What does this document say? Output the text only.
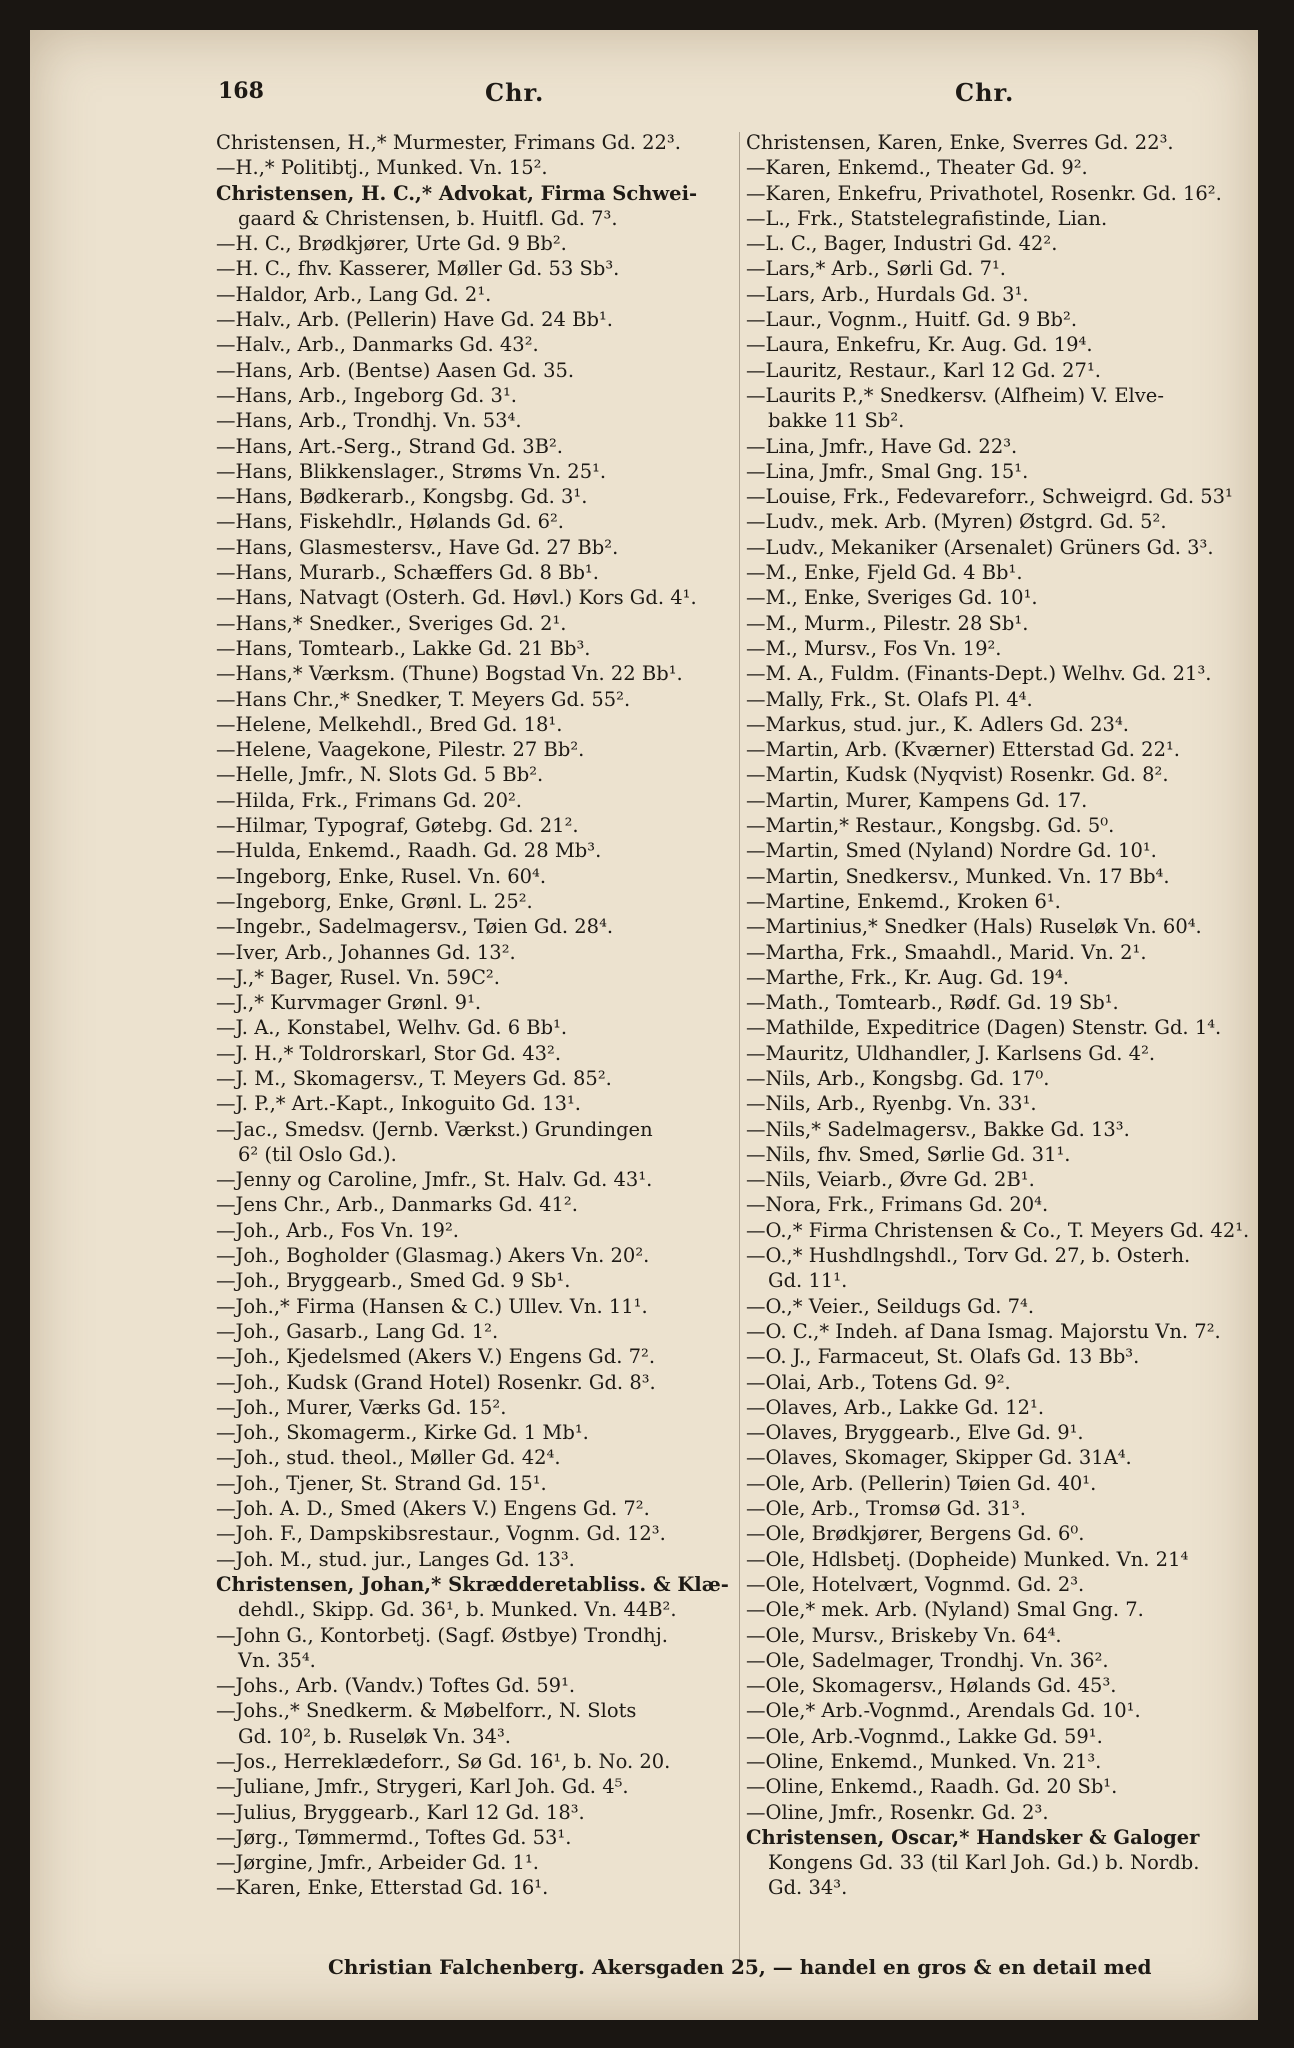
168	Chr.	Chr.
Christensen, H.,* Murmester, Frimans Gd. 22³.
—H.,* Politibtj., Munked. Vn. 15².
Christensen, H. C.,* Advokat, Firma Schwei-
gaard & Christensen, b. Huitfl. Gd. 7³.
—H. C., Brødkjører, Urte Gd. 9 Bb².
—H. C., fhv. Kasserer, Møller Gd. 53 Sb³.
—Haldor, Arb., Lang Gd. 2¹.
—Halv., Arb. (Pellerin) Have Gd. 24 Bb¹.
—Halv., Arb., Danmarks Gd. 43².
—Hans, Arb. (Bentse) Aasen Gd. 35.
—Hans, Arb., Ingeborg Gd. 3¹.
—Hans, Arb., Trondhj. Vn. 53⁴.
—Hans, Art.-Serg., Strand Gd. 3B².
—Hans, Blikkenslager., Strøms Vn. 25¹.
—Hans, Bødkerarb., Kongsbg. Gd. 3¹.
—Hans, Fiskehdlr., Hølands Gd. 6².
—Hans, Glasmestersv., Have Gd. 27 Bb².
—Hans, Murarb., Schæffers Gd. 8 Bb¹.
—Hans, Natvagt (Osterh. Gd. Høvl.) Kors Gd. 4¹.
—Hans,* Snedker., Sveriges Gd. 2¹.
—Hans, Tomtearb., Lakke Gd. 21 Bb³.
—Hans,* Værksm. (Thune) Bogstad Vn. 22 Bb¹.
—Hans Chr.,* Snedker, T. Meyers Gd. 55².
—Helene, Melkehdl., Bred Gd. 18¹.
—Helene, Vaagekone, Pilestr. 27 Bb².
—Helle, Jmfr., N. Slots Gd. 5 Bb².
—Hilda, Frk., Frimans Gd. 20².
—Hilmar, Typograf, Gøtebg. Gd. 21².
—Hulda, Enkemd., Raadh. Gd. 28 Mb³.
—Ingeborg, Enke, Rusel. Vn. 60⁴.
—Ingeborg, Enke, Grønl. L. 25².
—Ingebr., Sadelmagersv., Tøien Gd. 28⁴.
—Iver, Arb., Johannes Gd. 13².
—J.,* Bager, Rusel. Vn. 59C².
—J.,* Kurvmager Grønl. 9¹.
—J. A., Konstabel, Welhv. Gd. 6 Bb¹.
—J. H.,* Toldrorskarl, Stor Gd. 43².
—J. M., Skomagersv., T. Meyers Gd. 85².
—J. P.,* Art.-Kapt., Inkoguito Gd. 13¹.
—Jac., Smedsv. (Jernb. Værkst.) Grundingen
6² (til Oslo Gd.).
—Jenny og Caroline, Jmfr., St. Halv. Gd. 43¹.
—Jens Chr., Arb., Danmarks Gd. 41².
—Joh., Arb., Fos Vn. 19².
—Joh., Bogholder (Glasmag.) Akers Vn. 20².
—Joh., Bryggearb., Smed Gd. 9 Sb¹.
—Joh.,* Firma (Hansen & C.) Ullev. Vn. 11¹.
—Joh., Gasarb., Lang Gd. 1².
—Joh., Kjedelsmed (Akers V.) Engens Gd. 7².
—Joh., Kudsk (Grand Hotel) Rosenkr. Gd. 8³.
—Joh., Murer, Værks Gd. 15².
—Joh., Skomagerm., Kirke Gd. 1 Mb¹.
—Joh., stud. theol., Møller Gd. 42⁴.
—Joh., Tjener, St. Strand Gd. 15¹.
—Joh. A. D., Smed (Akers V.) Engens Gd. 7².
—Joh. F., Dampskibsrestaur., Vognm. Gd. 12³.
—Joh. M., stud. jur., Langes Gd. 13³.
Christensen, Johan,* Skrædderetabliss. & Klæ-
dehdl., Skipp. Gd. 36¹, b. Munked. Vn. 44B².
—John G., Kontorbetj. (Sagf. Østbye) Trondhj.
Vn. 35⁴.
—Johs., Arb. (Vandv.) Toftes Gd. 59¹.
—Johs.,* Snedkerm. & Møbelforr., N. Slots
Gd. 10², b. Ruseløk Vn. 34³.
—Jos., Herreklædeforr., Sø Gd. 16¹, b. No. 20.
—Juliane, Jmfr., Strygeri, Karl Joh. Gd. 4⁵.
—Julius, Bryggearb., Karl 12 Gd. 18³.
—Jørg., Tømmermd., Toftes Gd. 53¹.
—Jørgine, Jmfr., Arbeider Gd. 1¹.
—Karen, Enke, Etterstad Gd. 16¹.
Christensen, Karen, Enke, Sverres Gd. 22³.
—Karen, Enkemd., Theater Gd. 9².
—Karen, Enkefru, Privathotel, Rosenkr. Gd. 16².
—L., Frk., Statstelegrafistinde, Lian.
—L. C., Bager, Industri Gd. 42².
—Lars,* Arb., Sørli Gd. 7¹.
—Lars, Arb., Hurdals Gd. 3¹.
—Laur., Vognm., Huitf. Gd. 9 Bb².
—Laura, Enkefru, Kr. Aug. Gd. 19⁴.
—Lauritz, Restaur., Karl 12 Gd. 27¹.
—Laurits P.,* Snedkersv. (Alfheim) V. Elve-
bakke 11 Sb².
—Lina, Jmfr., Have Gd. 22³.
—Lina, Jmfr., Smal Gng. 15¹.
—Louise, Frk., Fedevareforr., Schweigrd. Gd. 53¹
—Ludv., mek. Arb. (Myren) Østgrd. Gd. 5².
—Ludv., Mekaniker (Arsenalet) Grüners Gd. 3³.
—M., Enke, Fjeld Gd. 4 Bb¹.
—M., Enke, Sveriges Gd. 10¹.
—M., Murm., Pilestr. 28 Sb¹.
—M., Mursv., Fos Vn. 19².
—M. A., Fuldm. (Finants-Dept.) Welhv. Gd. 21³.
—Mally, Frk., St. Olafs Pl. 4⁴.
—Markus, stud. jur., K. Adlers Gd. 23⁴.
—Martin, Arb. (Kværner) Etterstad Gd. 22¹.
—Martin, Kudsk (Nyqvist) Rosenkr. Gd. 8².
—Martin, Murer, Kampens Gd. 17.
—Martin,* Restaur., Kongsbg. Gd. 5⁰.
—Martin, Smed (Nyland) Nordre Gd. 10¹.
—Martin, Snedkersv., Munked. Vn. 17 Bb⁴.
—Martine, Enkemd., Kroken 6¹.
—Martinius,* Snedker (Hals) Ruseløk Vn. 60⁴.
—Martha, Frk., Smaahdl., Marid. Vn. 2¹.
—Marthe, Frk., Kr. Aug. Gd. 19⁴.
—Math., Tomtearb., Rødf. Gd. 19 Sb¹.
—Mathilde, Expeditrice (Dagen) Stenstr. Gd. 1⁴.
—Mauritz, Uldhandler, J. Karlsens Gd. 4².
—Nils, Arb., Kongsbg. Gd. 17⁰.
—Nils, Arb., Ryenbg. Vn. 33¹.
—Nils,* Sadelmagersv., Bakke Gd. 13³.
—Nils, fhv. Smed, Sørlie Gd. 31¹.
—Nils, Veiarb., Øvre Gd. 2B¹.
—Nora, Frk., Frimans Gd. 20⁴.
—O.,* Firma Christensen & Co., T. Meyers Gd. 42¹.
—O.,* Hushdlngshdl., Torv Gd. 27, b. Osterh.
Gd. 11¹.
—O.,* Veier., Seildugs Gd. 7⁴.
—O. C.,* Indeh. af Dana Ismag. Majorstu Vn. 7².
—O. J., Farmaceut, St. Olafs Gd. 13 Bb³.
—Olai, Arb., Totens Gd. 9².
—Olaves, Arb., Lakke Gd. 12¹.
—Olaves, Bryggearb., Elve Gd. 9¹.
—Olaves, Skomager, Skipper Gd. 31A⁴.
—Ole, Arb. (Pellerin) Tøien Gd. 40¹.
—Ole, Arb., Tromsø Gd. 31³.
—Ole, Brødkjører, Bergens Gd. 6⁰.
—Ole, Hdlsbetj. (Dopheide) Munked. Vn. 21⁴
—Ole, Hotelvært, Vognmd. Gd. 2³.
—Ole,* mek. Arb. (Nyland) Smal Gng. 7.
—Ole, Mursv., Briskeby Vn. 64⁴.
—Ole, Sadelmager, Trondhj. Vn. 36².
—Ole, Skomagersv., Hølands Gd. 45³.
—Ole,* Arb.-Vognmd., Arendals Gd. 10¹.
—Ole, Arb.-Vognmd., Lakke Gd. 59¹.
—Oline, Enkemd., Munked. Vn. 21³.
—Oline, Enkemd., Raadh. Gd. 20 Sb¹.
—Oline, Jmfr., Rosenkr. Gd. 2³.
Christensen, Oscar,* Handsker & Galoger
Kongens Gd. 33 (til Karl Joh. Gd.) b. Nordb.
Gd. 34³.
Christian Falchenberg. Akersgaden 25, — handel en gros & en detail med
